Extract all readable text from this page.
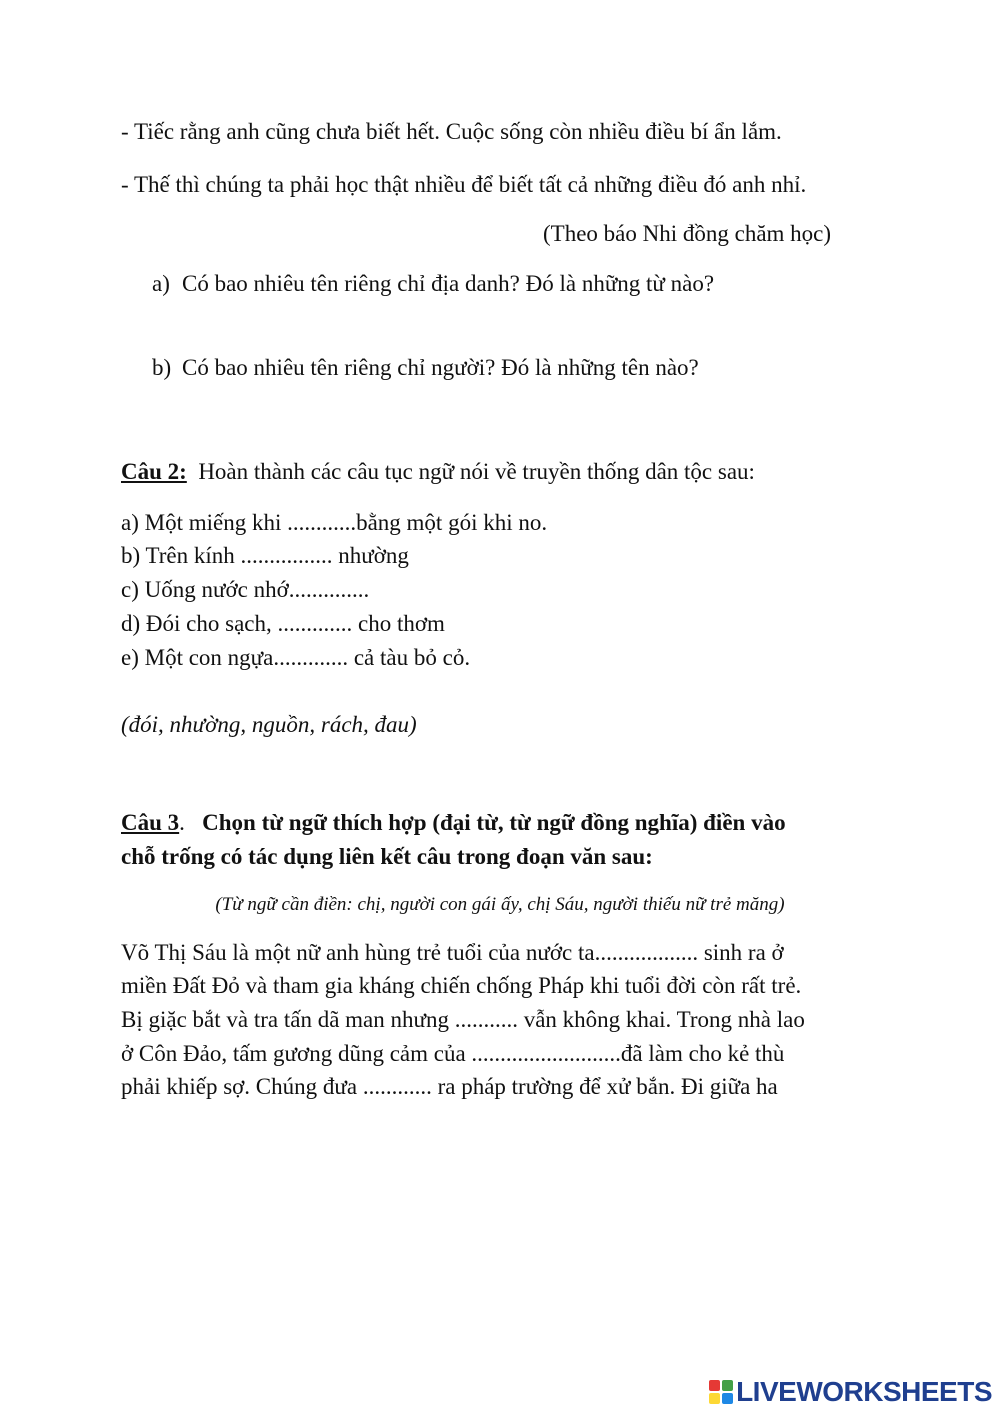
- Tiếc rằng anh cũng chưa biết hết. Cuộc sống còn nhiều điều bí ẩn lắm.
- Thế thì chúng ta phải học thật nhiều để biết tất cả những điều đó anh nhỉ.
(Theo báo Nhi đồng chăm học)
a) Có bao nhiêu tên riêng chỉ địa danh? Đó là những từ nào?
b) Có bao nhiêu tên riêng chỉ người? Đó là những tên nào?
Câu 2: Hoàn thành các câu tục ngữ nói về truyền thống dân tộc sau:
a) Một miếng khi ............bằng một gói khi no.
b) Trên kính ................ nhường
c) Uống nước nhớ..............
d) Đói cho sạch, ............. cho thơm
e) Một con ngựa............. cả tàu bỏ cỏ.
(đói, nhường, nguồn, rách, đau)
Câu 3. Chọn từ ngữ thích hợp (đại từ, từ ngữ đồng nghĩa) điền vào
chỗ trống có tác dụng liên kết câu trong đoạn văn sau:
(Từ ngữ cần điền: chị, người con gái ấy, chị Sáu, người thiếu nữ trẻ măng)
Võ Thị Sáu là một nữ anh hùng trẻ tuổi của nước ta.................. sinh ra ở
miền Đất Đỏ và tham gia kháng chiến chống Pháp khi tuổi đời còn rất trẻ.
Bị giặc bắt và tra tấn dã man nhưng ........... vẫn không khai. Trong nhà lao
ở Côn Đảo, tấm gương dũng cảm của ..........................đã làm cho kẻ thù
phải khiếp sợ. Chúng đưa ............ ra pháp trường để xử bắn. Đi giữa ha
LIVEWORKSHEETS
